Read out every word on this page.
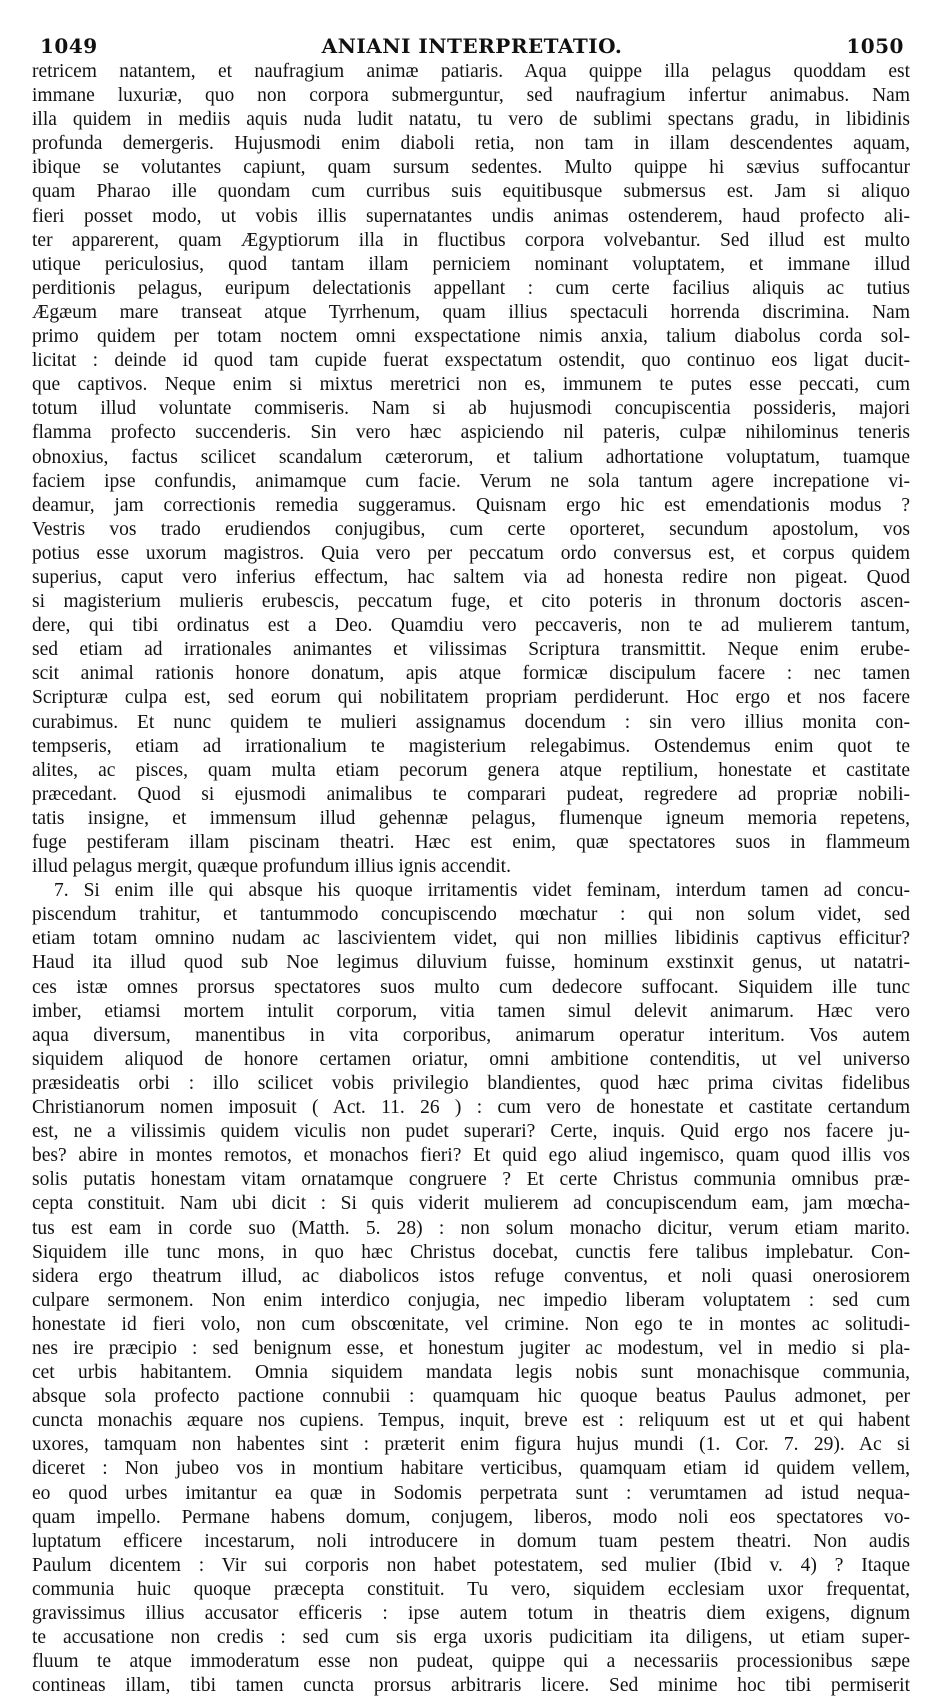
1049	ANIANI INTERPRETATIO.	1050
retricem natantem, et naufragium animæ patiaris. Aqua quippe illa pelagus quoddam est
immane luxuriæ, quo non corpora submerguntur, sed naufragium infertur animabus. Nam
illa quidem in mediis aquis nuda ludit natatu, tu vero de sublimi spectans gradu, in libidinis
profunda demergeris. Hujusmodi enim diaboli retia, non tam in illam descendentes aquam,
ibique se volutantes capiunt, quam sursum sedentes. Multo quippe hi sævius suffocantur
quam Pharao ille quondam cum curribus suis equitibusque submersus est. Jam si aliquo
fieri posset modo, ut vobis illis supernatantes undis animas ostenderem, haud profecto ali-
ter apparerent, quam Ægyptiorum illa in fluctibus corpora volvebantur. Sed illud est multo
utique periculosius, quod tantam illam perniciem nominant voluptatem, et immane illud
perditionis pelagus, euripum delectationis appellant : cum certe facilius aliquis ac tutius
Ægæum mare transeat atque Tyrrhenum, quam illius spectaculi horrenda discrimina. Nam
primo quidem per totam noctem omni exspectatione nimis anxia, talium diabolus corda sol-
licitat : deinde id quod tam cupide fuerat exspectatum ostendit, quo continuo eos ligat ducit-
que captivos. Neque enim si mixtus meretrici non es, immunem te putes esse peccati, cum
totum illud voluntate commiseris. Nam si ab hujusmodi concupiscentia possideris, majori
flamma profecto succenderis. Sin vero hæc aspiciendo nil pateris, culpæ nihilominus teneris
obnoxius, factus scilicet scandalum cæterorum, et talium adhortatione voluptatum, tuamque
faciem ipse confundis, animamque cum facie. Verum ne sola tantum agere increpatione vi-
deamur, jam correctionis remedia suggeramus. Quisnam ergo hic est emendationis modus ?
Vestris vos trado erudiendos conjugibus, cum certe oporteret, secundum apostolum, vos
potius esse uxorum magistros. Quia vero per peccatum ordo conversus est, et corpus quidem
superius, caput vero inferius effectum, hac saltem via ad honesta redire non pigeat. Quod
si magisterium mulieris erubescis, peccatum fuge, et cito poteris in thronum doctoris ascen-
dere, qui tibi ordinatus est a Deo. Quamdiu vero peccaveris, non te ad mulierem tantum,
sed etiam ad irrationales animantes et vilissimas Scriptura transmittit. Neque enim erube-
scit animal rationis honore donatum, apis atque formicæ discipulum facere : nec tamen
Scripturæ culpa est, sed eorum qui nobilitatem propriam perdiderunt. Hoc ergo et nos facere
curabimus. Et nunc quidem te mulieri assignamus docendum : sin vero illius monita con-
tempseris, etiam ad irrationalium te magisterium relegabimus. Ostendemus enim quot te
alites, ac pisces, quam multa etiam pecorum genera atque reptilium, honestate et castitate
præcedant. Quod si ejusmodi animalibus te comparari pudeat, regredere ad propriæ nobili-
tatis insigne, et immensum illud gehennæ pelagus, flumenque igneum memoria repetens,
fuge pestiferam illam piscinam theatri. Hæc est enim, quæ spectatores suos in flammeum
illud pelagus mergit, quæque profundum illius ignis accendit.
7. Si enim ille qui absque his quoque irritamentis videt feminam, interdum tamen ad concu-
piscendum trahitur, et tantummodo concupiscendo mœchatur : qui non solum videt, sed
etiam totam omnino nudam ac lascivientem videt, qui non millies libidinis captivus efficitur?
Haud ita illud quod sub Noe legimus diluvium fuisse, hominum exstinxit genus, ut natatri-
ces istæ omnes prorsus spectatores suos multo cum dedecore suffocant. Siquidem ille tunc
imber, etiamsi mortem intulit corporum, vitia tamen simul delevit animarum. Hæc vero
aqua diversum, manentibus in vita corporibus, animarum operatur interitum. Vos autem
siquidem aliquod de honore certamen oriatur, omni ambitione contenditis, ut vel universo
præsideatis orbi : illo scilicet vobis privilegio blandientes, quod hæc prima civitas fidelibus
Christianorum nomen imposuit ( Act. 11. 26 ) : cum vero de honestate et castitate certandum
est, ne a vilissimis quidem viculis non pudet superari? Certe, inquis. Quid ergo nos facere ju-
bes? abire in montes remotos, et monachos fieri? Et quid ego aliud ingemisco, quam quod illis vos
solis putatis honestam vitam ornatamque congruere ? Et certe Christus communia omnibus præ-
cepta constituit. Nam ubi dicit : Si quis viderit mulierem ad concupiscendum eam, jam mœcha-
tus est eam in corde suo (Matth. 5. 28) : non solum monacho dicitur, verum etiam marito.
Siquidem ille tunc mons, in quo hæc Christus docebat, cunctis fere talibus implebatur. Con-
sidera ergo theatrum illud, ac diabolicos istos refuge conventus, et noli quasi onerosiorem
culpare sermonem. Non enim interdico conjugia, nec impedio liberam voluptatem : sed cum
honestate id fieri volo, non cum obscœnitate, vel crimine. Non ego te in montes ac solitudi-
nes ire præcipio : sed benignum esse, et honestum jugiter ac modestum, vel in medio si pla-
cet urbis habitantem. Omnia siquidem mandata legis nobis sunt monachisque communia,
absque sola profecto pactione connubii : quamquam hic quoque beatus Paulus admonet, per
cuncta monachis æquare nos cupiens. Tempus, inquit, breve est : reliquum est ut et qui habent
uxores, tamquam non habentes sint : præterit enim figura hujus mundi (1. Cor. 7. 29). Ac si
diceret : Non jubeo vos in montium habitare verticibus, quamquam etiam id quidem vellem,
eo quod urbes imitantur ea quæ in Sodomis perpetrata sunt : verumtamen ad istud nequa-
quam impello. Permane habens domum, conjugem, liberos, modo noli eos spectatores vo-
luptatum efficere incestarum, noli introducere in domum tuam pestem theatri. Non audis
Paulum dicentem : Vir sui corporis non habet potestatem, sed mulier (Ibid v. 4) ? Itaque
communia huic quoque præcepta constituit. Tu vero, siquidem ecclesiam uxor frequentat,
gravissimus illius accusator efficeris : ipse autem totum in theatris diem exigens, dignum
te accusatione non credis : sed cum sis erga uxoris pudicitiam ita diligens, ut etiam super-
fluum te atque immoderatum esse non pudeat, quippe qui a necessariis processionibus sæpe
contineas illam, tibi tamen cuncta prorsus arbitraris licere. Sed minime hoc tibi permiserit
